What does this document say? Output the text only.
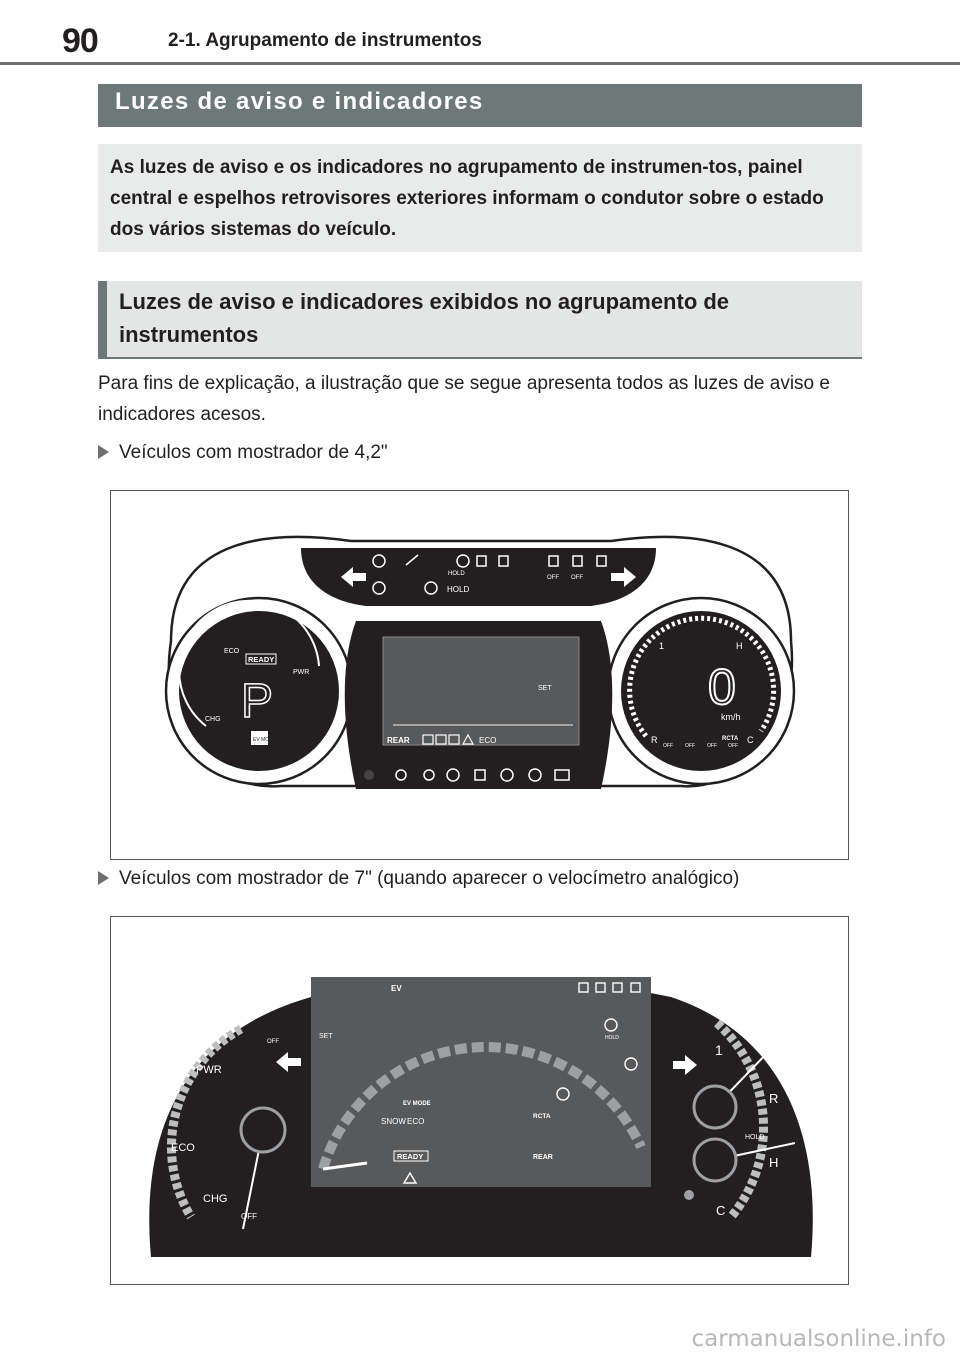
90	2-1. Agrupamento de instrumentos
Luzes de aviso e indicadores
As luzes de aviso e os indicadores no agrupamento de instrumen-tos, painel central e espelhos retrovisores exteriores informam o condutor sobre o estado dos vários sistemas do veículo.
Luzes de aviso e indicadores exibidos no agrupamento de instrumentos
Para fins de explicação, a ilustração que se segue apresenta todos as luzes de aviso e indicadores acesos.
Veículos com mostrador de 4,2"
HOLD
HOLD
OFF OFF
ECO
PWR
CHG
READY
P
EV MODE
SET
REAR	ECO
1	H
C
R
0
km/h
RCTA
OFF OFF OFF OFF
Veículos com mostrador de 7" (quando aparecer o velocímetro analógico)
PWR
ECO
CHG
OFF
OFF
EV
SET
EV MODE
SNOW ECO
READY
RCTA
REAR
HOLD
1
R
HOLD
H
C
carmanualsonline.info
